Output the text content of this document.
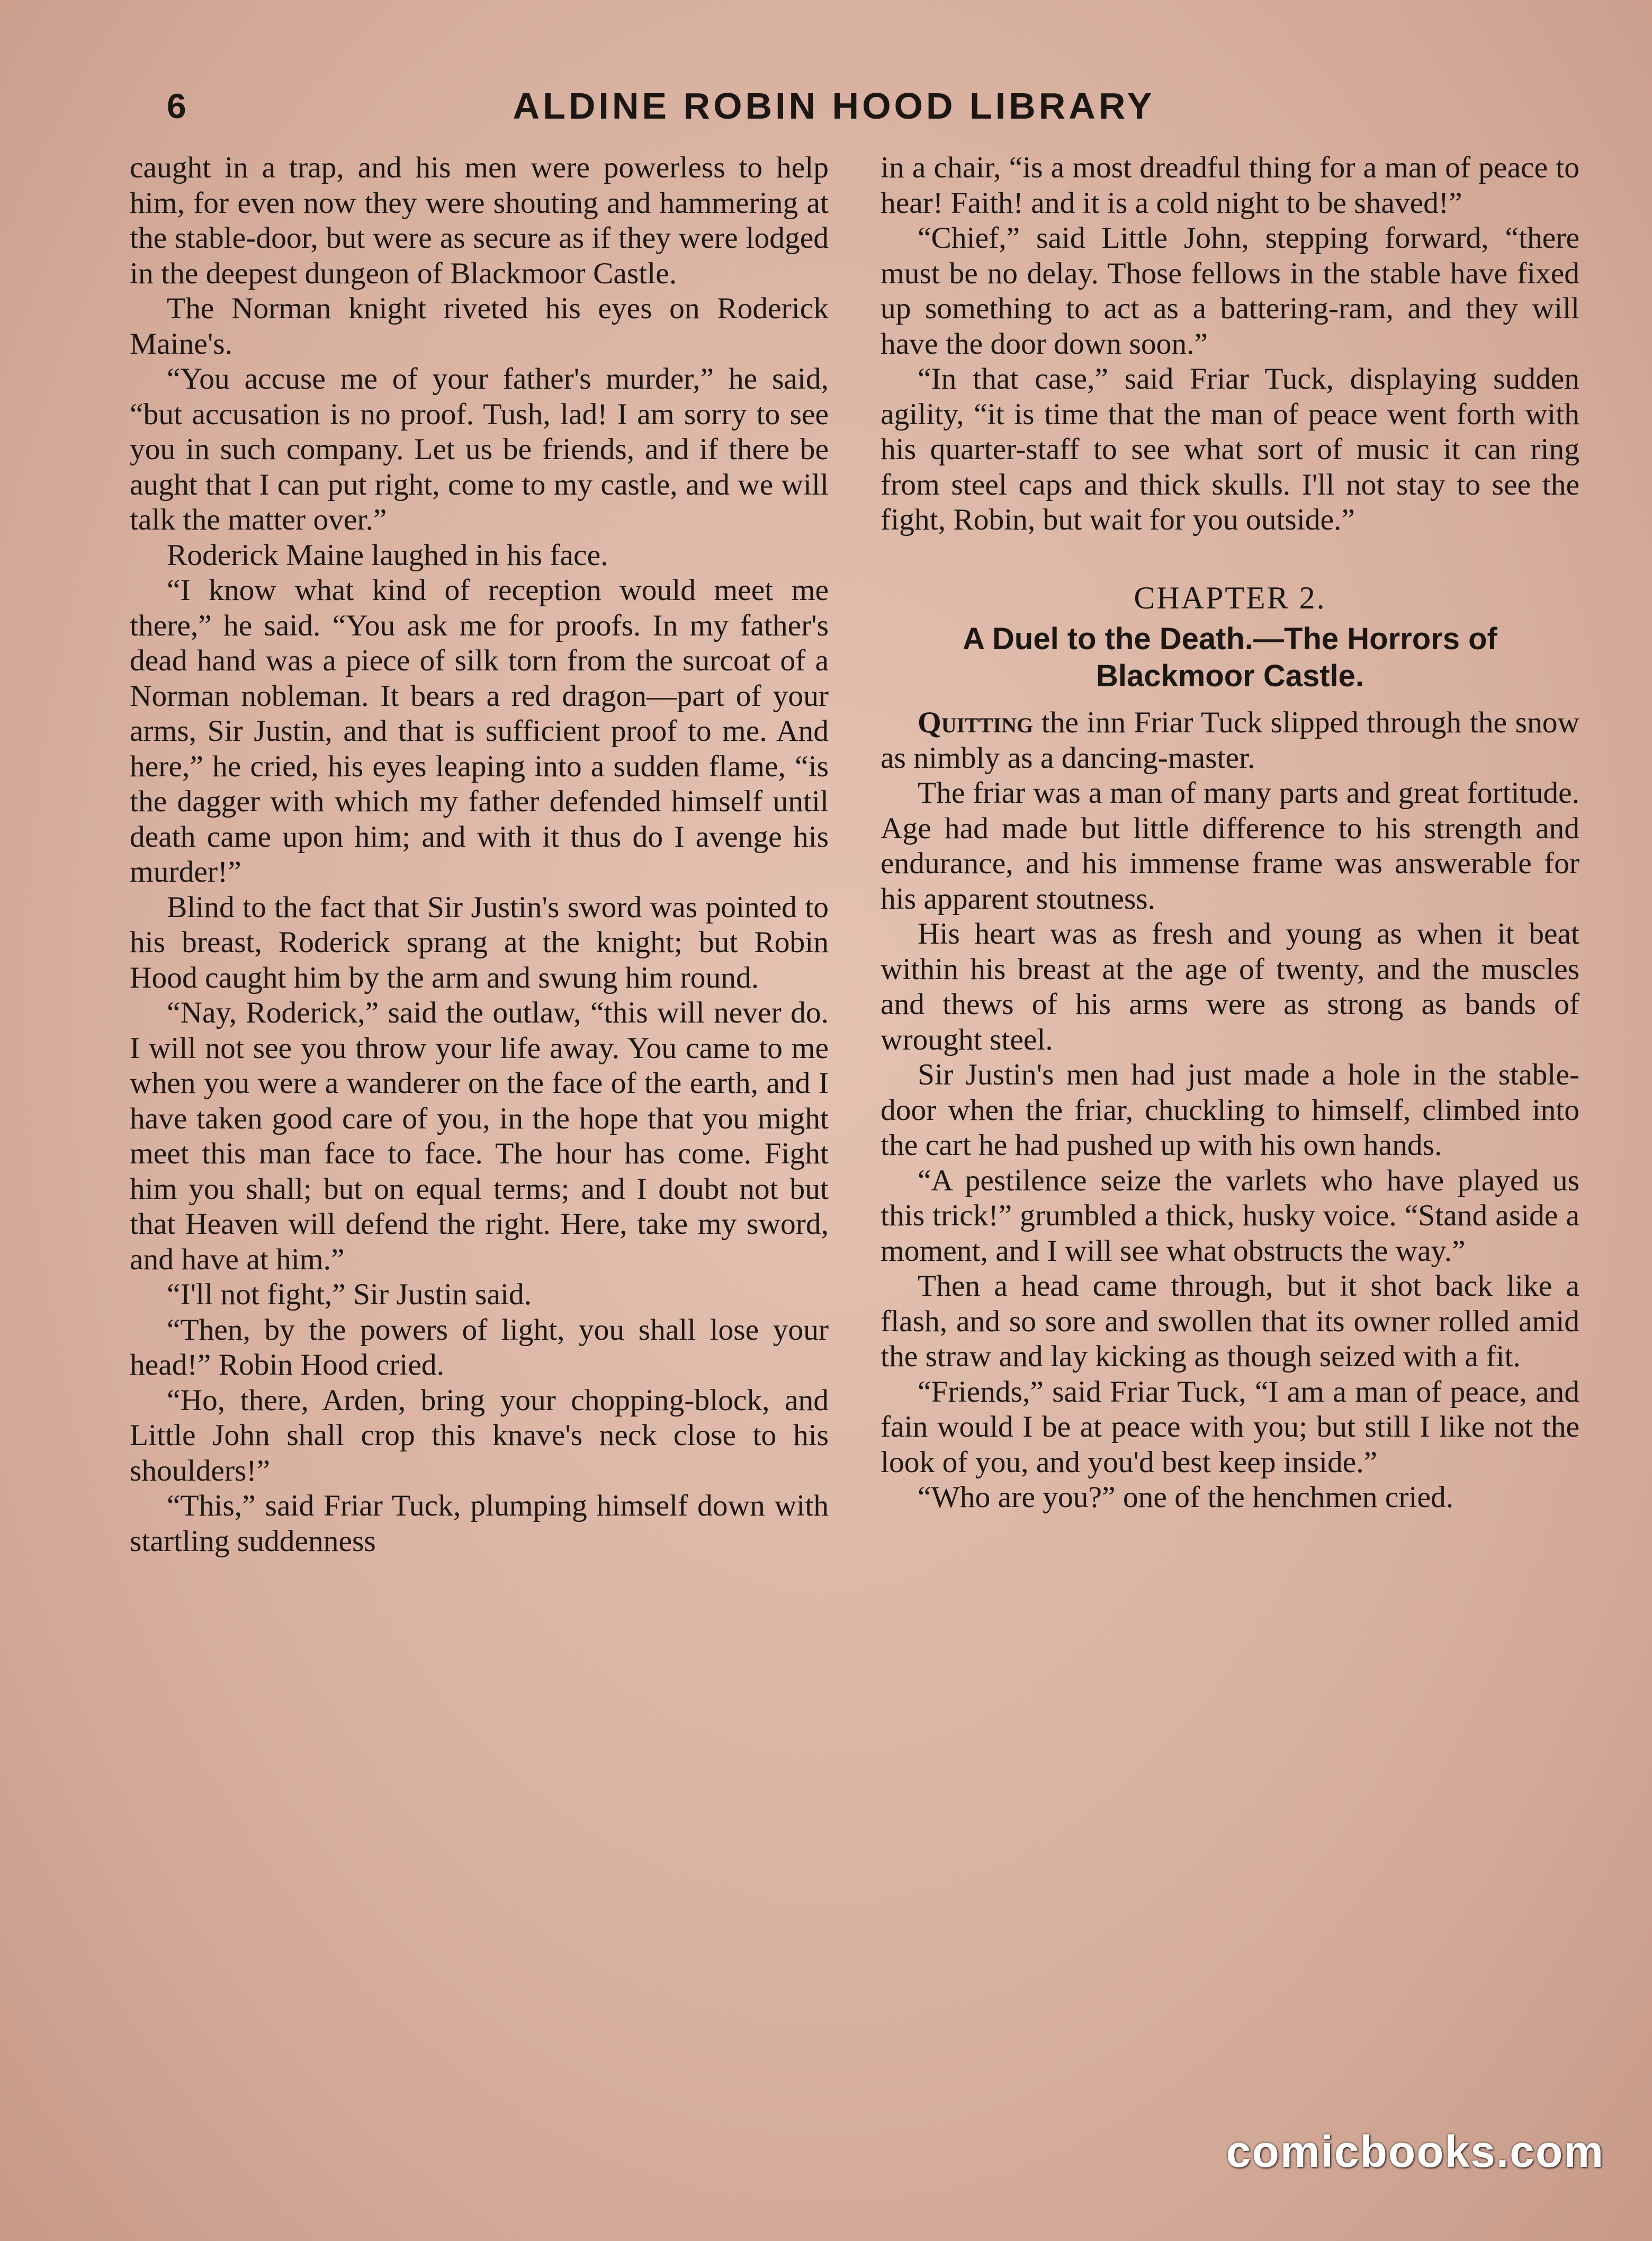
6	ALDINE ROBIN HOOD LIBRARY

caught in a trap, and his men were powerless to help him, for even now they were shouting and hammering at the stable-door, but were as secure as if they were lodged in the deepest dungeon of Blackmoor Castle.

The Norman knight riveted his eyes on Roderick Maine's.

“You accuse me of your father's murder,” he said, “but accusation is no proof. Tush, lad! I am sorry to see you in such company. Let us be friends, and if there be aught that I can put right, come to my castle, and we will talk the matter over.”

Roderick Maine laughed in his face.

“I know what kind of reception would meet me there,” he said. “You ask me for proofs. In my father's dead hand was a piece of silk torn from the surcoat of a Norman nobleman. It bears a red dragon—part of your arms, Sir Justin, and that is sufficient proof to me. And here,” he cried, his eyes leaping into a sudden flame, “is the dagger with which my father defended himself until death came upon him; and with it thus do I avenge his murder!”

Blind to the fact that Sir Justin's sword was pointed to his breast, Roderick sprang at the knight; but Robin Hood caught him by the arm and swung him round.

“Nay, Roderick,” said the outlaw, “this will never do. I will not see you throw your life away. You came to me when you were a wanderer on the face of the earth, and I have taken good care of you, in the hope that you might meet this man face to face. The hour has come. Fight him you shall; but on equal terms; and I doubt not but that Heaven will defend the right. Here, take my sword, and have at him.”

“I'll not fight,” Sir Justin said.

“Then, by the powers of light, you shall lose your head!” Robin Hood cried.

“Ho, there, Arden, bring your chopping-block, and Little John shall crop this knave's neck close to his shoulders!”

“This,” said Friar Tuck, plumping himself down with startling suddenness

in a chair, “is a most dreadful thing for a man of peace to hear! Faith! and it is a cold night to be shaved!”

“Chief,” said Little John, stepping forward, “there must be no delay. Those fellows in the stable have fixed up something to act as a battering-ram, and they will have the door down soon.”

“In that case,” said Friar Tuck, displaying sudden agility, “it is time that the man of peace went forth with his quarter-staff to see what sort of music it can ring from steel caps and thick skulls. I'll not stay to see the fight, Robin, but wait for you outside.”

CHAPTER 2.
A Duel to the Death.—The Horrors of Blackmoor Castle.

Quitting the inn Friar Tuck slipped through the snow as nimbly as a dancing-master.

The friar was a man of many parts and great fortitude. Age had made but little difference to his strength and endurance, and his immense frame was answerable for his apparent stoutness.

His heart was as fresh and young as when it beat within his breast at the age of twenty, and the muscles and thews of his arms were as strong as bands of wrought steel.

Sir Justin's men had just made a hole in the stable-door when the friar, chuckling to himself, climbed into the cart he had pushed up with his own hands.

“A pestilence seize the varlets who have played us this trick!” grumbled a thick, husky voice. “Stand aside a moment, and I will see what obstructs the way.”

Then a head came through, but it shot back like a flash, and so sore and swollen that its owner rolled amid the straw and lay kicking as though seized with a fit.

“Friends,” said Friar Tuck, “I am a man of peace, and fain would I be at peace with you; but still I like not the look of you, and you'd best keep inside.”

“Who are you?” one of the henchmen cried.

comicbooks.com
